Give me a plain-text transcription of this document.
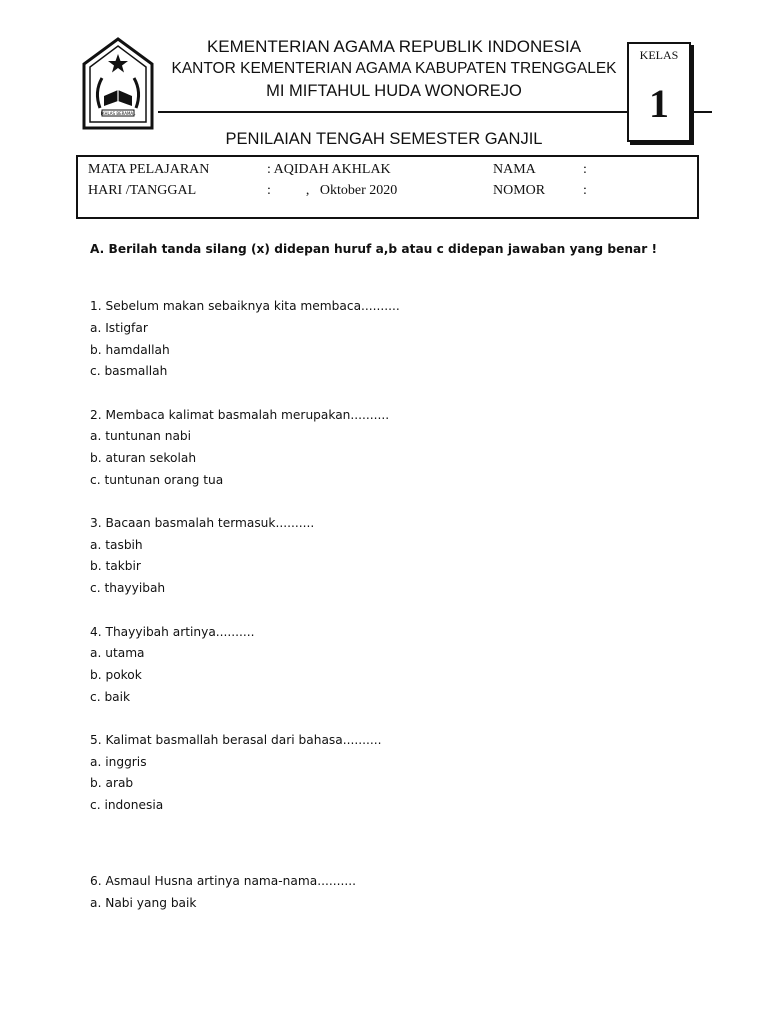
IKHLAS BERAMAL
KEMENTERIAN AGAMA REPUBLIK INDONESIA
KANTOR KEMENTERIAN AGAMA KABUPATEN TRENGGALEK
MI MIFTAHUL HUDA WONOREJO
KELAS
1
PENILAIAN TENGAH SEMESTER GANJIL
MATA PELAJARAN	: AQIDAH AKHLAK	NAMA	:
HARI /TANGGAL	:          ,   Oktober 2020	NOMOR	:
A. Berilah tanda silang (x) didepan huruf a,b atau c didepan jawaban yang benar !
1. Sebelum makan sebaiknya kita membaca..........
a. Istigfar
b. hamdallah
c. basmallah
2. Membaca kalimat basmalah merupakan..........
a. tuntunan nabi
b. aturan sekolah
c. tuntunan orang tua
3. Bacaan basmalah termasuk..........
a. tasbih
b. takbir
c. thayyibah
4. Thayyibah artinya..........
a. utama
b. pokok
c. baik
5. Kalimat basmallah berasal dari bahasa..........
a. inggris
b. arab
c. indonesia
6. Asmaul Husna artinya nama-nama..........
a. Nabi yang baik
